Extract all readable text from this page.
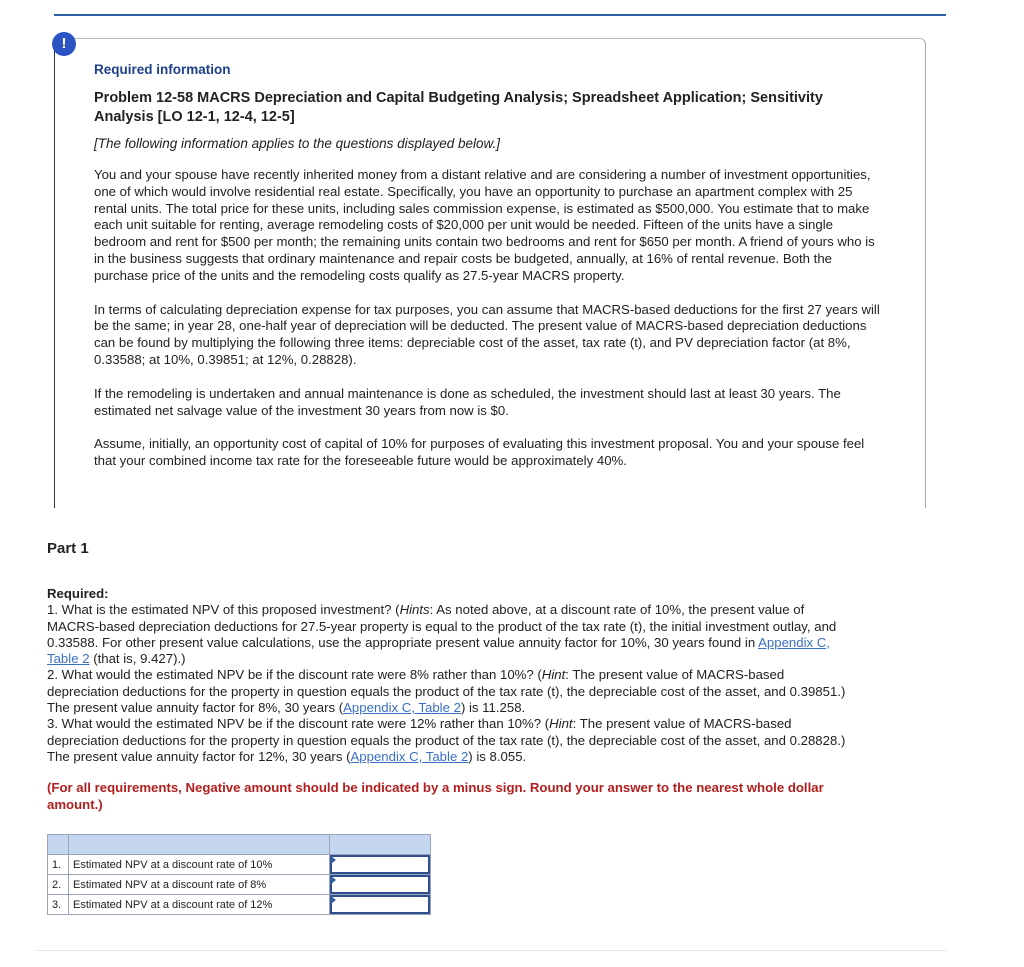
!

Required information

Problem 12-58 MACRS Depreciation and Capital Budgeting Analysis; Spreadsheet Application; Sensitivity Analysis [LO 12-1, 12-4, 12-5]

[The following information applies to the questions displayed below.]

You and your spouse have recently inherited money from a distant relative and are considering a number of investment opportunities, one of which would involve residential real estate. Specifically, you have an opportunity to purchase an apartment complex with 25 rental units. The total price for these units, including sales commission expense, is estimated as $500,000. You estimate that to make each unit suitable for renting, average remodeling costs of $20,000 per unit would be needed. Fifteen of the units have a single bedroom and rent for $500 per month; the remaining units contain two bedrooms and rent for $650 per month. A friend of yours who is in the business suggests that ordinary maintenance and repair costs be budgeted, annually, at 16% of rental revenue. Both the purchase price of the units and the remodeling costs qualify as 27.5-year MACRS property.

In terms of calculating depreciation expense for tax purposes, you can assume that MACRS-based deductions for the first 27 years will be the same; in year 28, one-half year of depreciation will be deducted. The present value of MACRS-based depreciation deductions can be found by multiplying the following three items: depreciable cost of the asset, tax rate (t), and PV depreciation factor (at 8%, 0.33588; at 10%, 0.39851; at 12%, 0.28828).

If the remodeling is undertaken and annual maintenance is done as scheduled, the investment should last at least 30 years. The estimated net salvage value of the investment 30 years from now is $0.

Assume, initially, an opportunity cost of capital of 10% for purposes of evaluating this investment proposal. You and your spouse feel that your combined income tax rate for the foreseeable future would be approximately 40%.

Part 1

Required:

1. What is the estimated NPV of this proposed investment? (Hints: As noted above, at a discount rate of 10%, the present value of MACRS-based depreciation deductions for 27.5-year property is equal to the product of the tax rate (t), the initial investment outlay, and 0.33588. For other present value calculations, use the appropriate present value annuity factor for 10%, 30 years found in Appendix C, Table 2 (that is, 9.427).)

2. What would the estimated NPV be if the discount rate were 8% rather than 10%? (Hint: The present value of MACRS-based depreciation deductions for the property in question equals the product of the tax rate (t), the depreciable cost of the asset, and 0.39851.) The present value annuity factor for 8%, 30 years (Appendix C, Table 2) is 11.258.

3. What would the estimated NPV be if the discount rate were 12% rather than 10%? (Hint: The present value of MACRS-based depreciation deductions for the property in question equals the product of the tax rate (t), the depreciable cost of the asset, and 0.28828.) The present value annuity factor for 12%, 30 years (Appendix C, Table 2) is 8.055.

(For all requirements, Negative amount should be indicated by a minus sign. Round your answer to the nearest whole dollar amount.)

1.	Estimated NPV at a discount rate of 10%	

2.	Estimated NPV at a discount rate of 8%	

3.	Estimated NPV at a discount rate of 12%	
